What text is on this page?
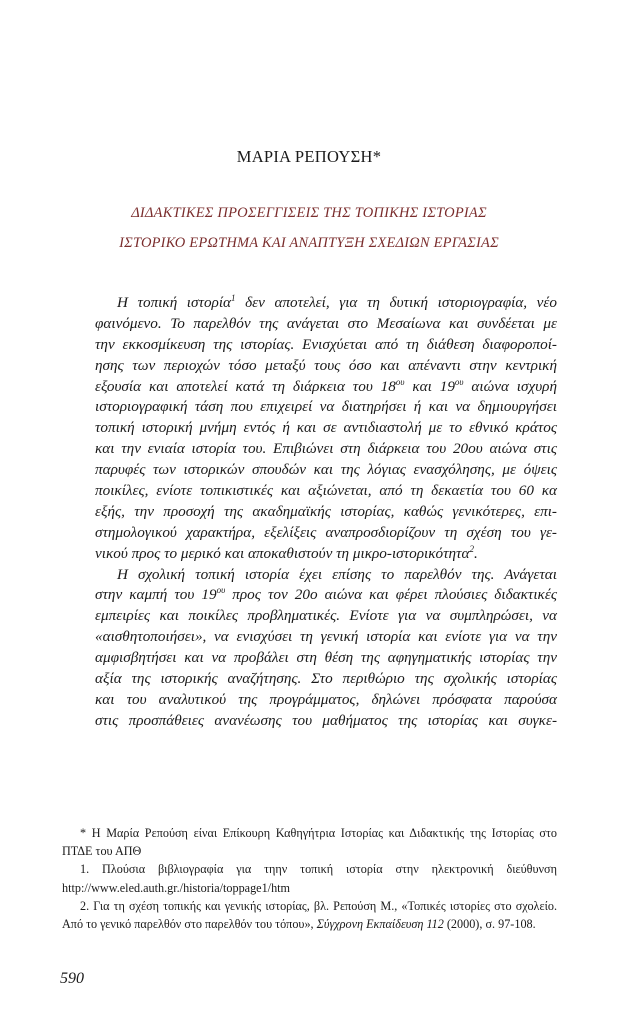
ΜΑΡΙΑ ΡΕΠΟΥΣΗ*
ΔΙΔΑΚΤΙΚΕΣ ΠΡΟΣΕΓΓΙΣΕΙΣ ΤΗΣ ΤΟΠΙΚΗΣ ΙΣΤΟΡΙΑΣ
ΙΣΤΟΡΙΚΟ ΕΡΩΤΗΜΑ ΚΑΙ ΑΝΑΠΤΥΞΗ ΣΧΕΔΙΩΝ ΕΡΓΑΣΙΑΣ
Η τοπική ιστορία$^1$ δεν αποτελεί, για τη δυτική ιστοριογραφία, νέο
φαινόμενο. Το παρελθόν της ανάγεται στο Μεσαίωνα και συνδέεται με
την εκκοσμίκευση της ιστορίας. Ενισχύεται από τη διάθεση διαφοροποί-
ησης των περιοχών τόσο μεταξύ τους όσο και απέναντι στην κεντρική
εξουσία και αποτελεί κατά τη διάρκεια του $18^{o\upsilon}$ και $19^{o\upsilon}$ αιώνα ισχυρή
ιστοριογραφική τάση που επιχειρεί να διατηρήσει ή και να δημιουργήσει
τοπική ιστορική μνήμη εντός ή και σε αντιδιαστολή με το εθνικό κράτος
και την ενιαία ιστορία του. Επιβιώνει στη διάρκεια του 20ου αιώνα στις
παρυφές των ιστορικών σπουδών και της λόγιας ενασχόλησης, με όψεις
ποικίλες, ενίοτε τοπικιστικές και αξιώνεται, από τη δεκαετία του 60 κα
εξής, την προσοχή της ακαδημαϊκής ιστορίας, καθώς γενικότερες, επι-
στημολογικού χαρακτήρα, εξελίξεις αναπροσδιορίζουν τη σχέση του γε-
νικού προς το μερικό και αποκαθιστούν τη μικρο-ιστορικότητα$^2$.
Η σχολική τοπική ιστορία έχει επίσης το παρελθόν της. Ανάγεται
στην καμπή του $19^{o\upsilon}$ προς τον 20ο αιώνα και φέρει πλούσιες διδακτικές
εμπειρίες και ποικίλες προβληματικές. Ενίοτε για να συμπληρώσει, να
«αισθητοποιήσει», να ενισχύσει τη γενική ιστορία και ενίοτε για να την
αμφισβητήσει και να προβάλει στη θέση της αφηγηματικής ιστορίας την
αξία της ιστορικής αναζήτησης. Στο περιθώριο της σχολικής ιστορίας
και του αναλυτικού της προγράμματος, δηλώνει πρόσφατα παρούσα
στις προσπάθειες ανανέωσης του μαθήματος της ιστορίας και συγκε-
* Η Μαρία Ρεπούση είναι Επίκουρη Καθηγήτρια Ιστορίας και Διδακτικής της Ιστορίας στο
ΠΤΔΕ του ΑΠΘ
1. Πλούσια βιβλιογραφία για τηην τοπική ιστορία στην ηλεκτρονική διεύθυνση
http://www.eled.auth.gr./historia/toppage1/htm
2. Για τη σχέση τοπικής και γενικής ιστορίας, βλ. Ρεπούση Μ., «Τοπικές ιστορίες στο σχολείο.
Από το γενικό παρελθόν στο παρελθόν του τόπου», Σύγχρονη Εκπαίδευση 112 (2000), σ. 97-108.
590
